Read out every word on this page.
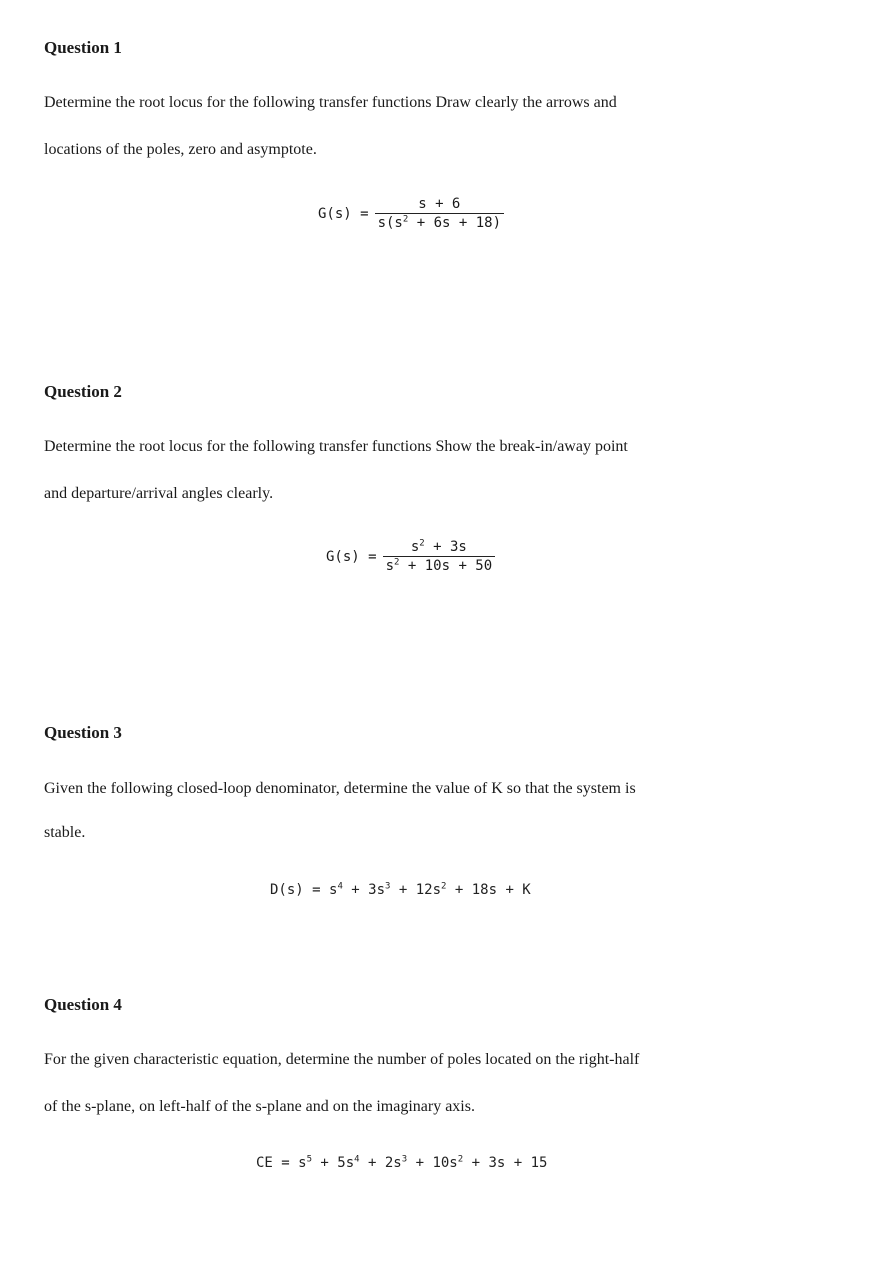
Question 1
Determine the root locus for the following transfer functions Draw clearly the arrows and
locations of the poles, zero and asymptote.
$G(s) = \frac{s + 6}{s(s^2 + 6s + 18)}$
Question 2
Determine the root locus for the following transfer functions Show the break-in/away point
and departure/arrival angles clearly.
$G(s) = \frac{s^2 + 3s}{s^2 + 10s + 50}$
Question 3
Given the following closed-loop denominator, determine the value of K so that the system is
stable.
$D(s) = s^4 + 3s^3 + 12s^2 + 18s + K$
Question 4
For the given characteristic equation, determine the number of poles located on the right-half
of the s-plane, on left-half of the s-plane and on the imaginary axis.
CE = $s^5 + 5s^4 + 2s^3 + 10s^2 + 3s + 15$
